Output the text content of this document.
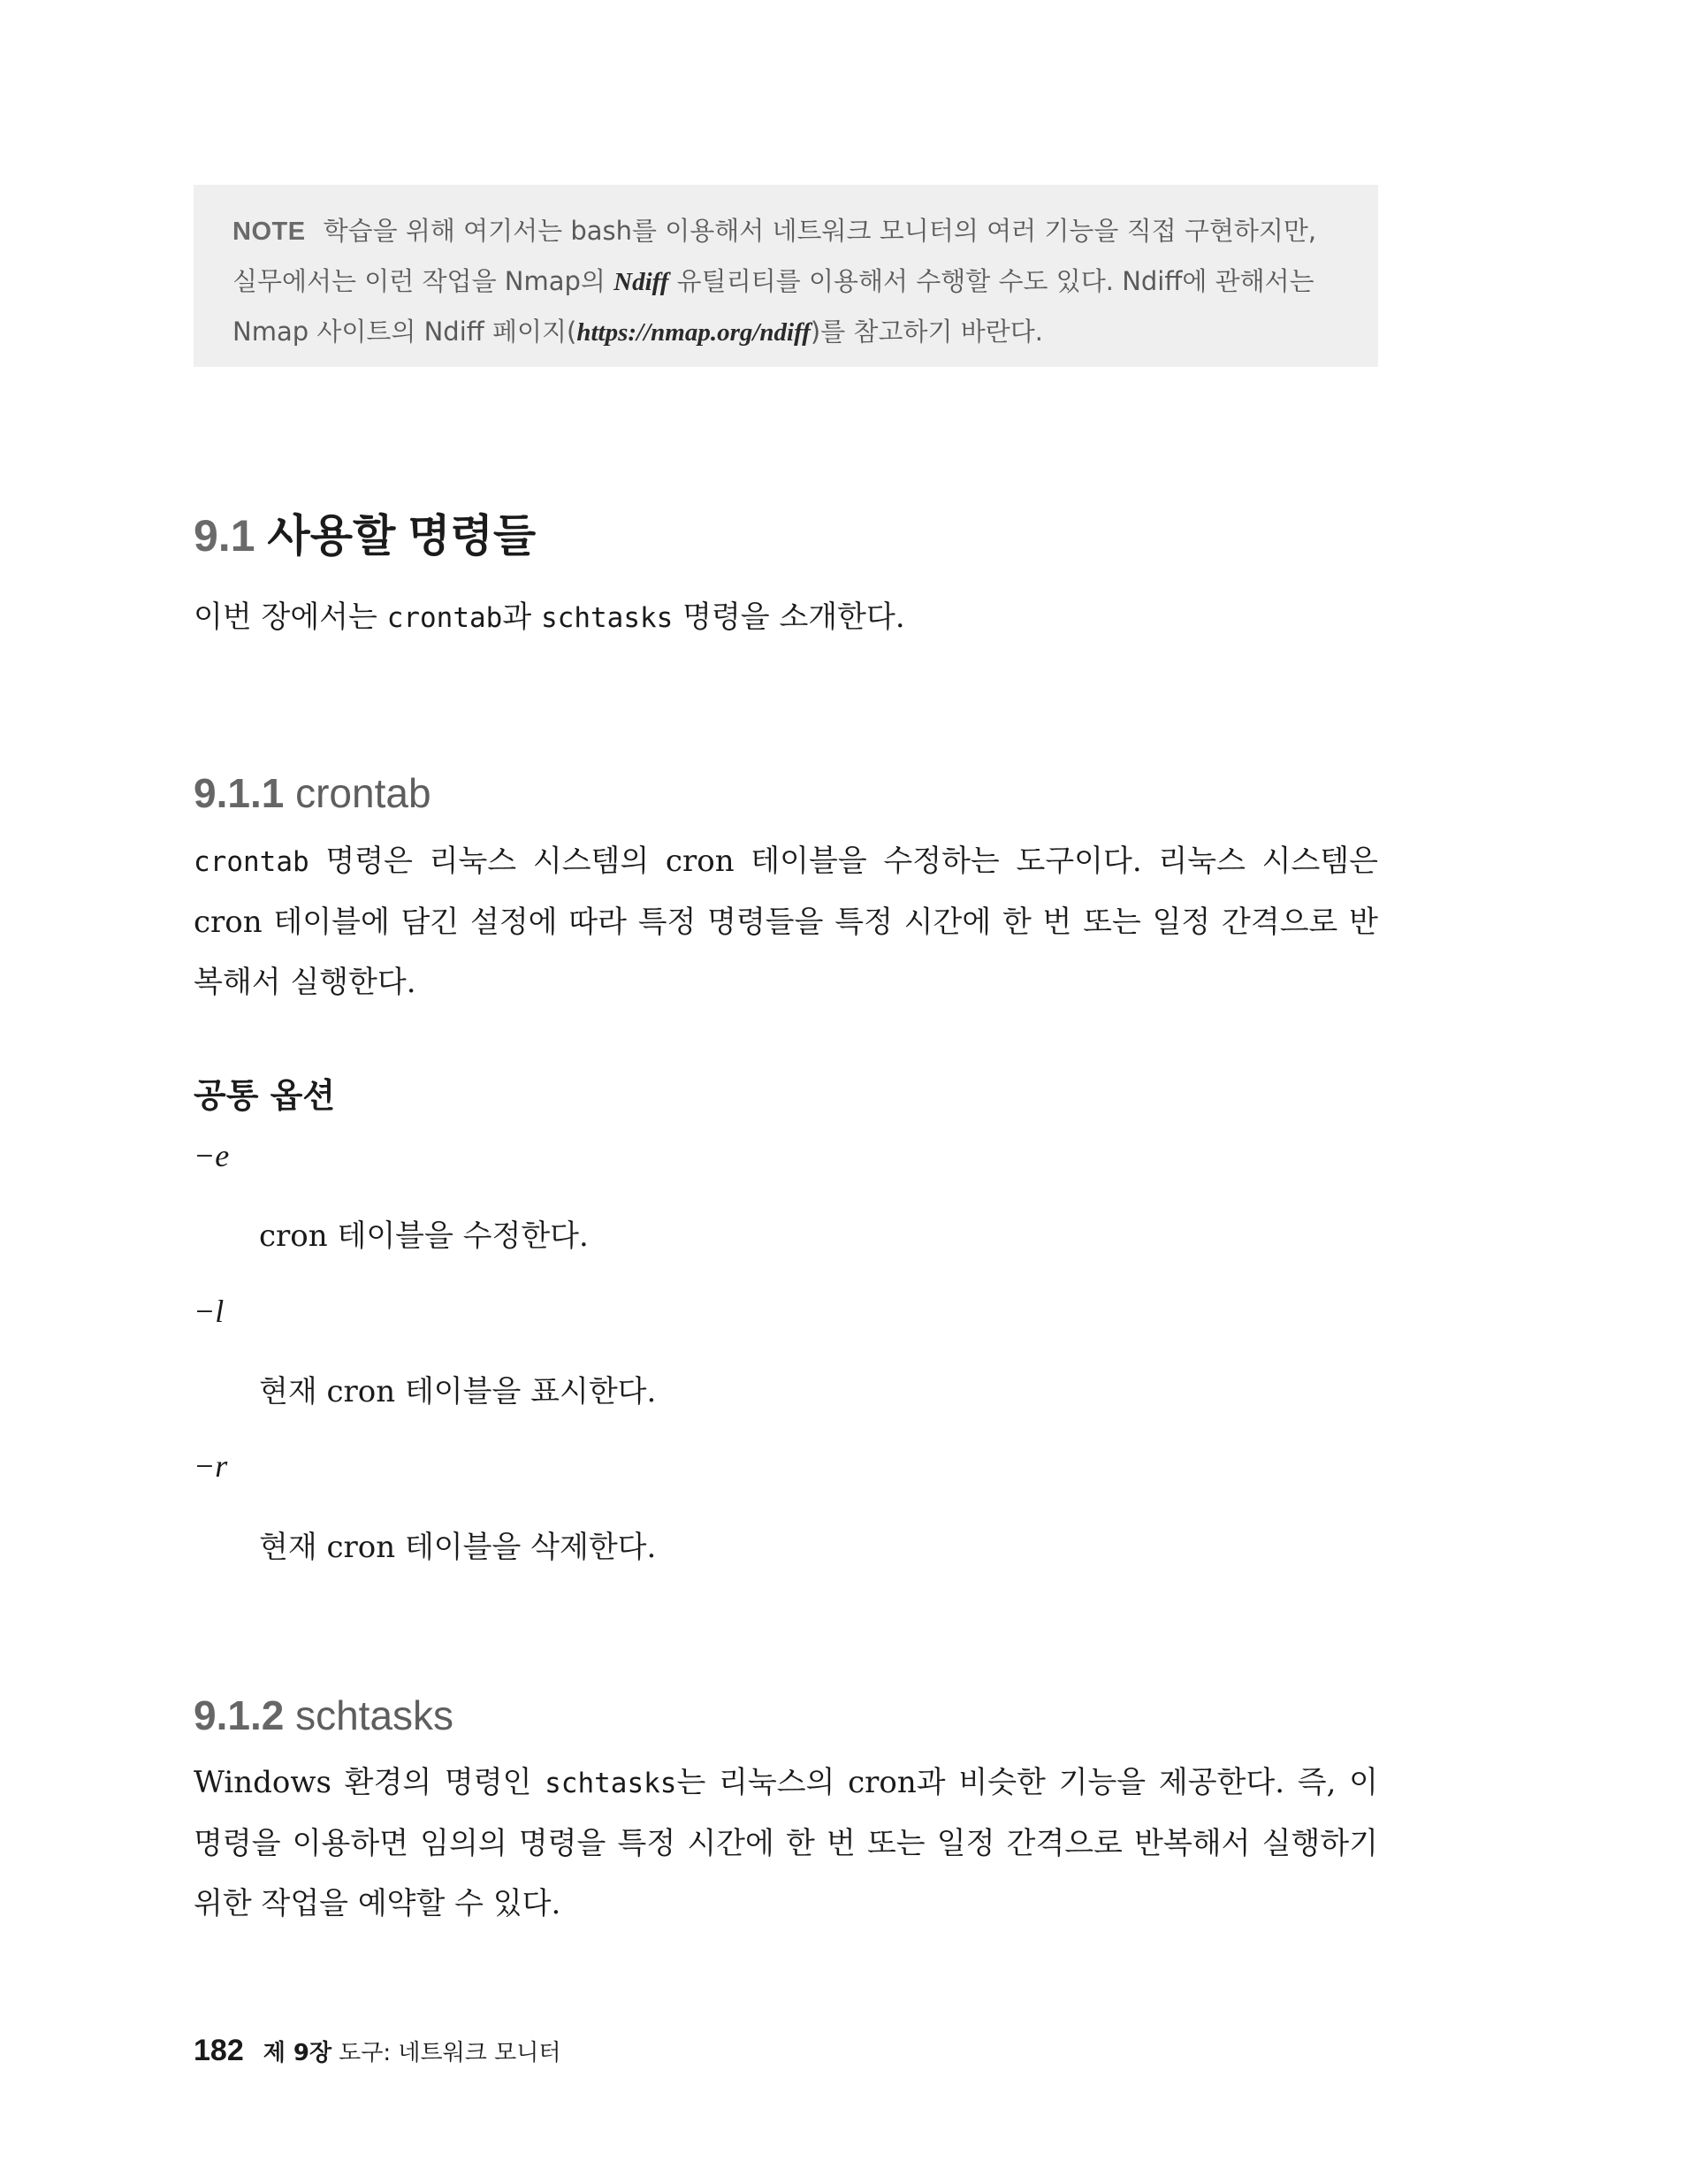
NOTE 학습을 위해 여기서는 bash를 이용해서 네트워크 모니터의 여러 기능을 직접 구현하지만, 실무에서는 이런 작업을 Nmap의 Ndiff 유틸리티를 이용해서 수행할 수도 있다. Ndiff에 관해서는 Nmap 사이트의 Ndiff 페이지(https://nmap.org/ndiff)를 참고하기 바란다.
9.1 사용할 명령들
이번 장에서는 crontab과 schtasks 명령을 소개한다.
9.1.1 crontab
crontab 명령은 리눅스 시스템의 cron 테이블을 수정하는 도구이다. 리눅스 시스템은 cron 테이블에 담긴 설정에 따라 특정 명령들을 특정 시간에 한 번 또는 일정 간격으로 반복해서 실행한다.
공통 옵션
−e
cron 테이블을 수정한다.
−l
현재 cron 테이블을 표시한다.
−r
현재 cron 테이블을 삭제한다.
9.1.2 schtasks
Windows 환경의 명령인 schtasks는 리눅스의 cron과 비슷한 기능을 제공한다. 즉, 이 명령을 이용하면 임의의 명령을 특정 시간에 한 번 또는 일정 간격으로 반복해서 실행하기 위한 작업을 예약할 수 있다.
182 제 9장 도구: 네트워크 모니터
